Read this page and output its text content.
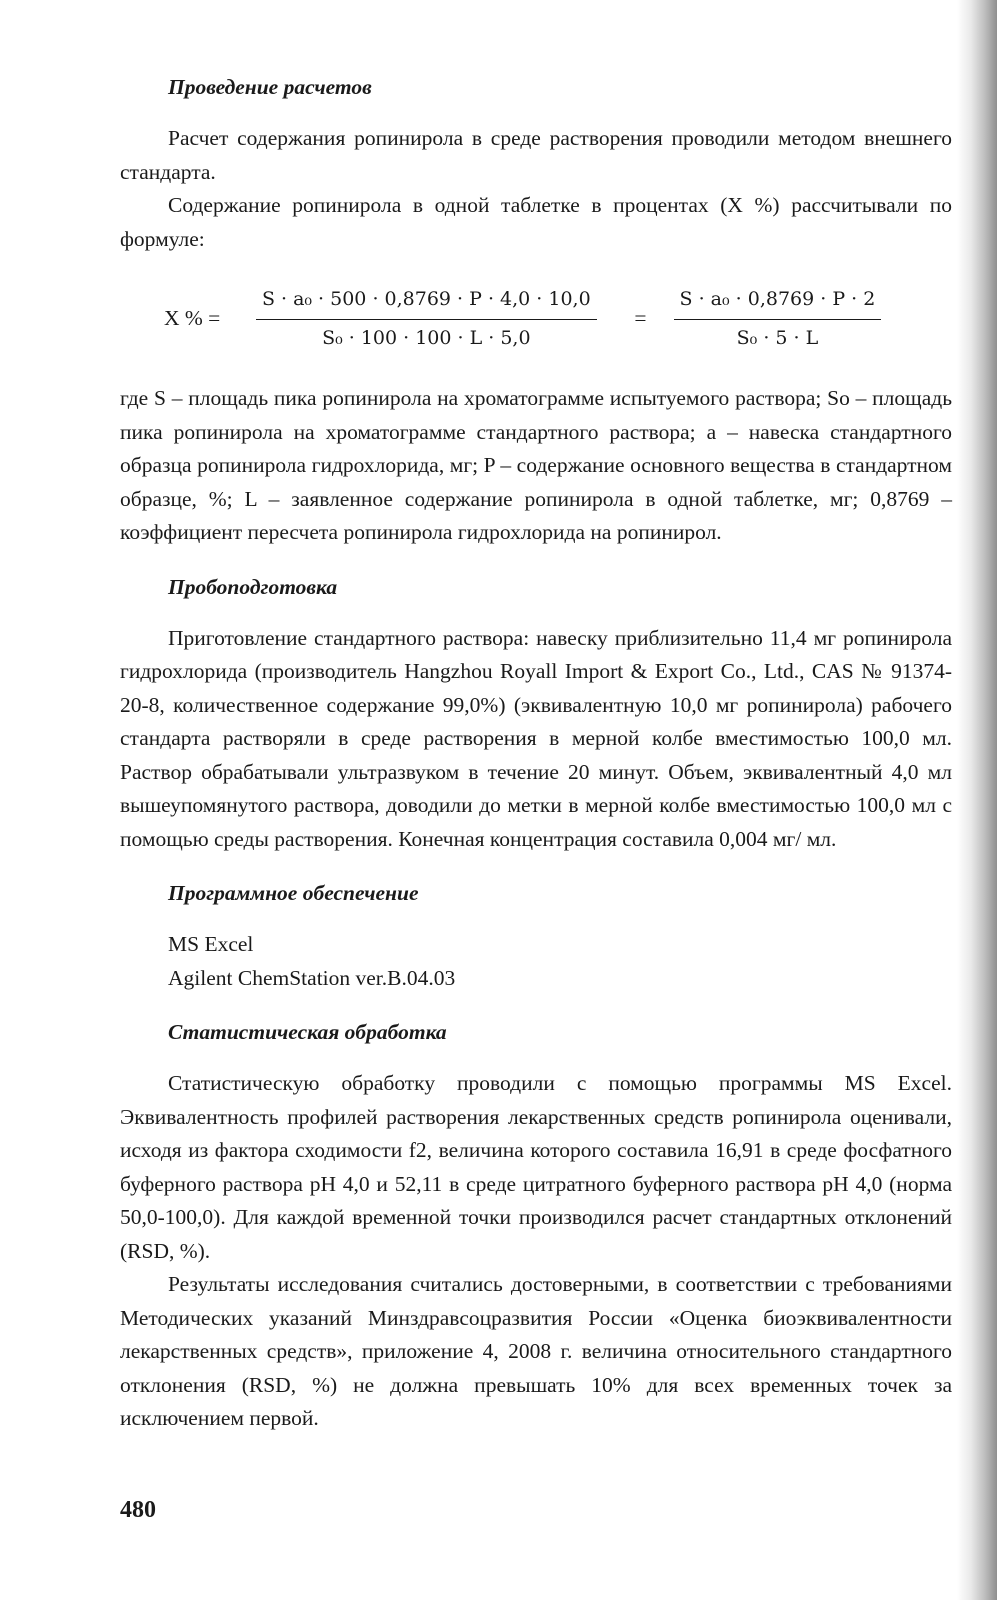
Проведение расчетов

Расчет содержания ропинирола в среде растворения проводили методом внешнего стандарта.

Содержание ропинирола в одной таблетке в процентах (X %) рассчитывали по формуле:

X % = $\frac{\text{S · a₀ · 500 · 0,8769 · P · 4,0 · 10,0}}{\text{S₀ · 100 · 100 · L · 5,0}} = \frac{\text{S · a₀ · 0,8769 · P · 2}}{\text{S₀ · 5 · L}}$

где S – площадь пика ропинирола на хроматограмме испытуемого раствора; So – площадь пика ропинирола на хроматограмме стандартного раствора; a – навеска стандартного образца ропинирола гидрохлорида, мг; P – содержание основного вещества в стандартном образце, %; L – заявленное содержание ропинирола в одной таблетке, мг; 0,8769 – коэффициент пересчета ропинирола гидрохлорида на ропинирол.

Пробоподготовка

Приготовление стандартного раствора: навеску приблизительно 11,4 мг ропинирола гидрохлорида (производитель Hangzhou Royall Import & Export Co., Ltd., CAS № 91374-20-8, количественное содержание 99,0%) (эквивалентную 10,0 мг ропинирола) рабочего стандарта растворяли в среде растворения в мерной колбе вместимостью 100,0 мл. Раствор обрабатывали ультразвуком в течение 20 минут. Объем, эквивалентный 4,0 мл вышеупомянутого раствора, доводили до метки в мерной колбе вместимостью 100,0 мл с помощью среды растворения. Конечная концентрация составила 0,004 мг/ мл.

Программное обеспечение

MS Excel

Agilent ChemStation ver.B.04.03

Статистическая обработка

Статистическую обработку проводили с помощью программы MS Excel. Эквивалентность профилей растворения лекарственных средств ропинирола оценивали, исходя из фактора сходимости f2, величина которого составила 16,91 в среде фосфатного буферного раствора pH 4,0 и 52,11 в среде цитратного буферного раствора pH 4,0 (норма 50,0-100,0). Для каждой временной точки производился расчет стандартных отклонений (RSD, %).

Результаты исследования считались достоверными, в соответствии с требованиями Методических указаний Минздравсоцразвития России «Оценка биоэквивалентности лекарственных средств», приложение 4, 2008 г. величина относительного стандартного отклонения (RSD, %) не должна превышать 10% для всех временных точек за исключением первой.

480
